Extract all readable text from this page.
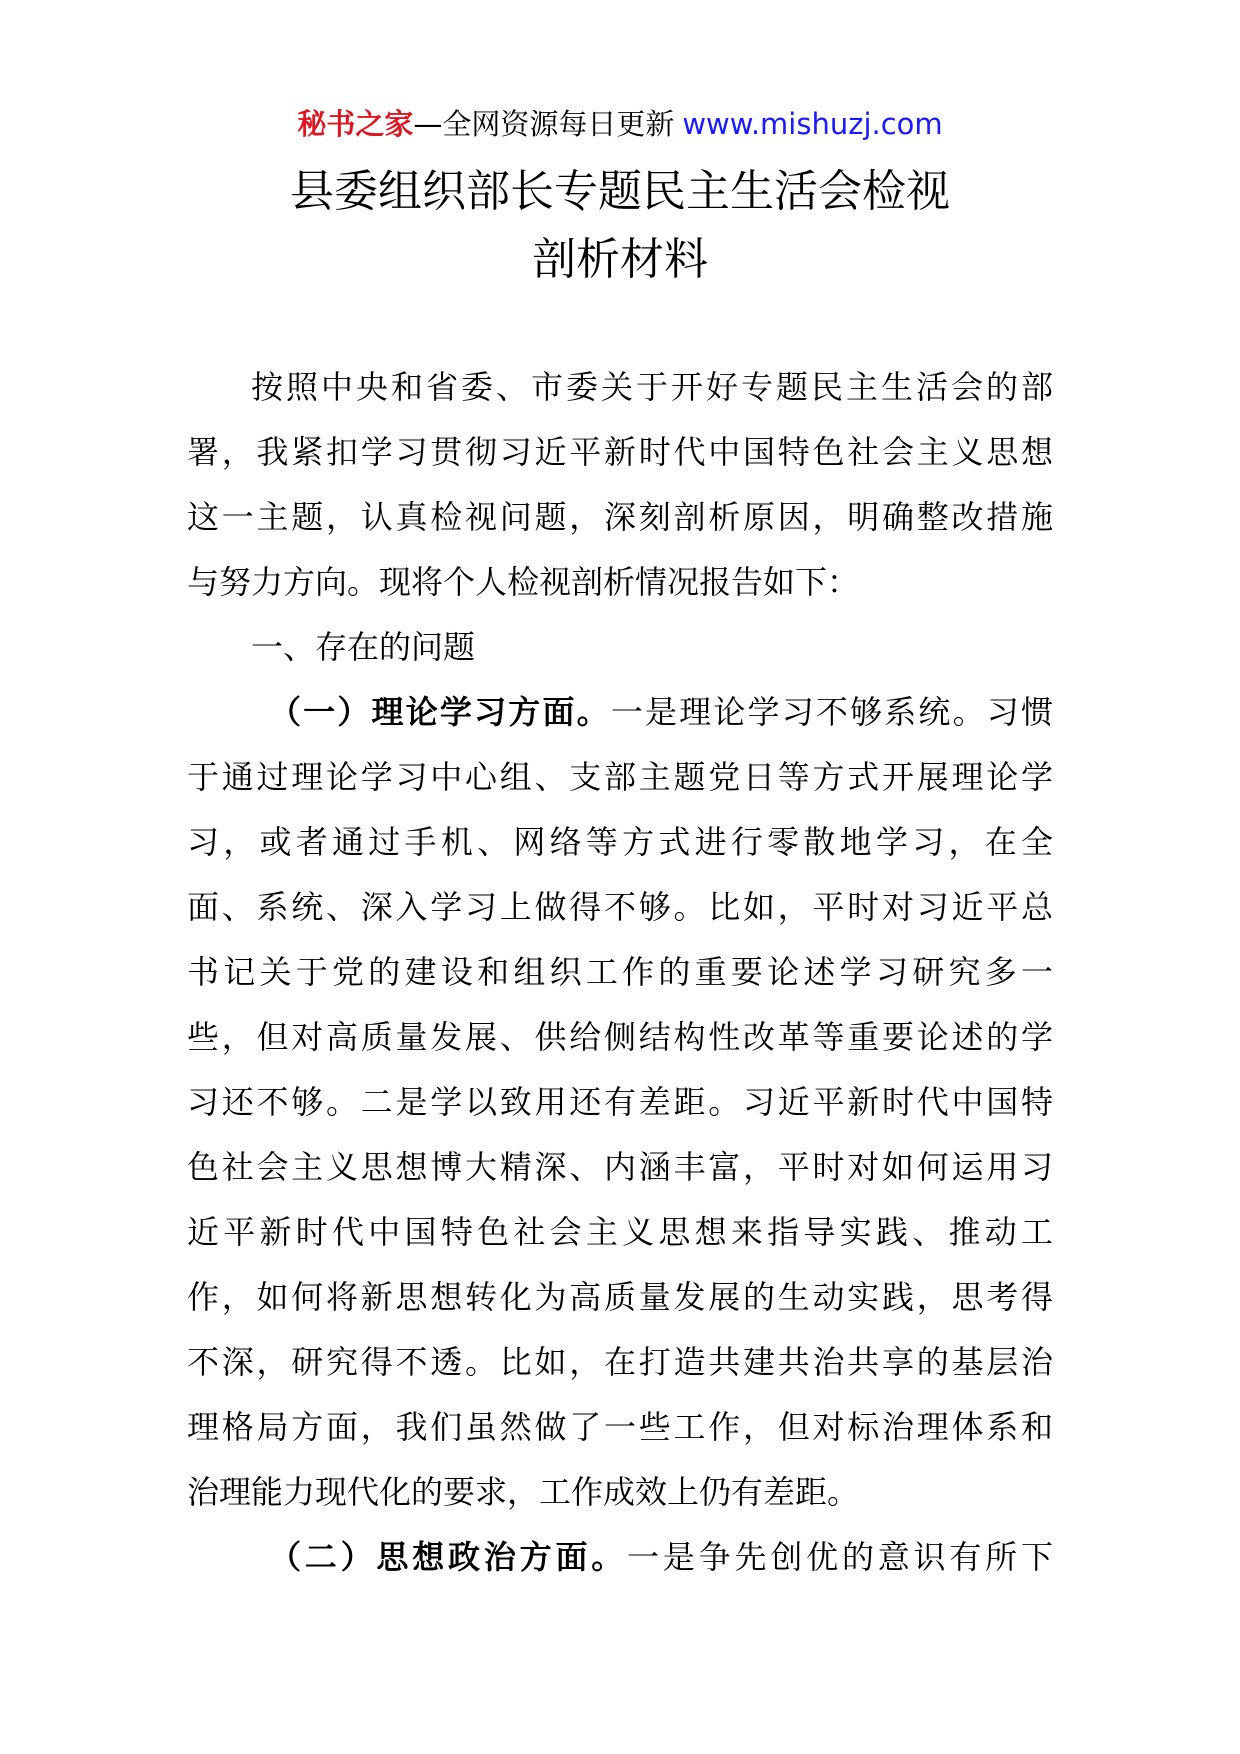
秘书之家—全网资源每日更新 www.mishuzj.com
县委组织部长专题民主生活会检视
剖析材料
按照中央和省委、市委关于开好专题民主生活会的部
署，我紧扣学习贯彻习近平新时代中国特色社会主义思想
这一主题，认真检视问题，深刻剖析原因，明确整改措施
与努力方向。现将个人检视剖析情况报告如下：
一、存在的问题
（一）理论学习方面。一是理论学习不够系统。习惯
于通过理论学习中心组、支部主题党日等方式开展理论学
习，或者通过手机、网络等方式进行零散地学习，在全
面、系统、深入学习上做得不够。比如，平时对习近平总
书记关于党的建设和组织工作的重要论述学习研究多一
些，但对高质量发展、供给侧结构性改革等重要论述的学
习还不够。二是学以致用还有差距。习近平新时代中国特
色社会主义思想博大精深、内涵丰富，平时对如何运用习
近平新时代中国特色社会主义思想来指导实践、推动工
作，如何将新思想转化为高质量发展的生动实践，思考得
不深，研究得不透。比如，在打造共建共治共享的基层治
理格局方面，我们虽然做了一些工作，但对标治理体系和
治理能力现代化的要求，工作成效上仍有差距。
（二）思想政治方面。一是争先创优的意识有所下
